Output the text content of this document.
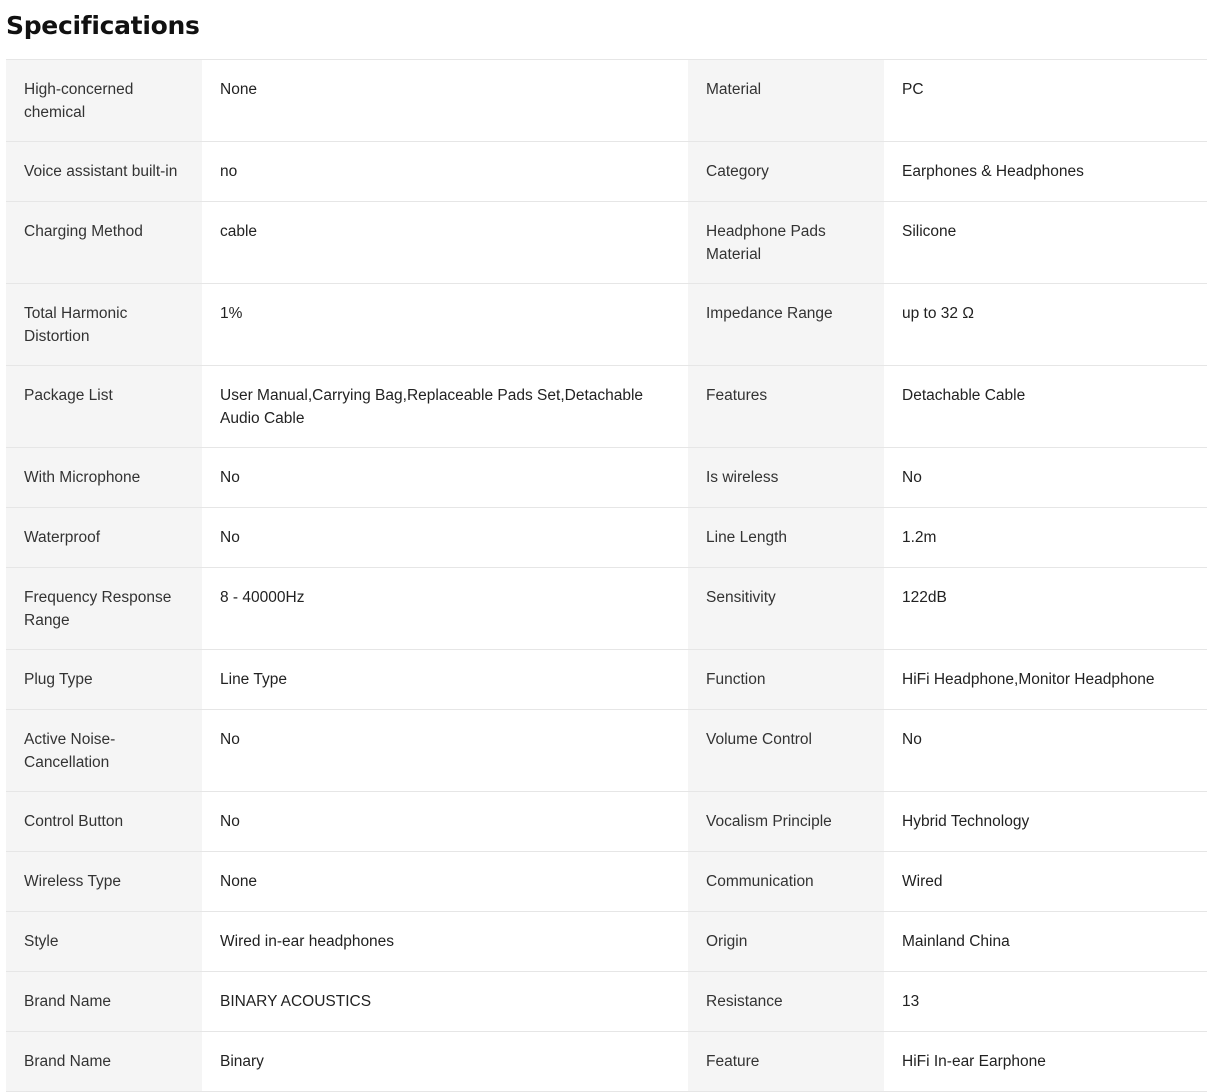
Specifications
High-concerned chemical	None	Material	PC
Voice assistant built-in	no	Category	Earphones & Headphones
Charging Method	cable	Headphone Pads Material	Silicone
Total Harmonic Distortion	1%	Impedance Range	up to 32 Ω
Package List	User Manual,Carrying Bag,Replaceable Pads Set,Detachable Audio Cable	Features	Detachable Cable
With Microphone	No	Is wireless	No
Waterproof	No	Line Length	1.2m
Frequency Response Range	8 - 40000Hz	Sensitivity	122dB
Plug Type	Line Type	Function	HiFi Headphone,Monitor Headphone
Active Noise-Cancellation	No	Volume Control	No
Control Button	No	Vocalism Principle	Hybrid Technology
Wireless Type	None	Communication	Wired
Style	Wired in-ear headphones	Origin	Mainland China
Brand Name	BINARY ACOUSTICS	Resistance	13
Brand Name	Binary	Feature	HiFi In-ear Earphone
